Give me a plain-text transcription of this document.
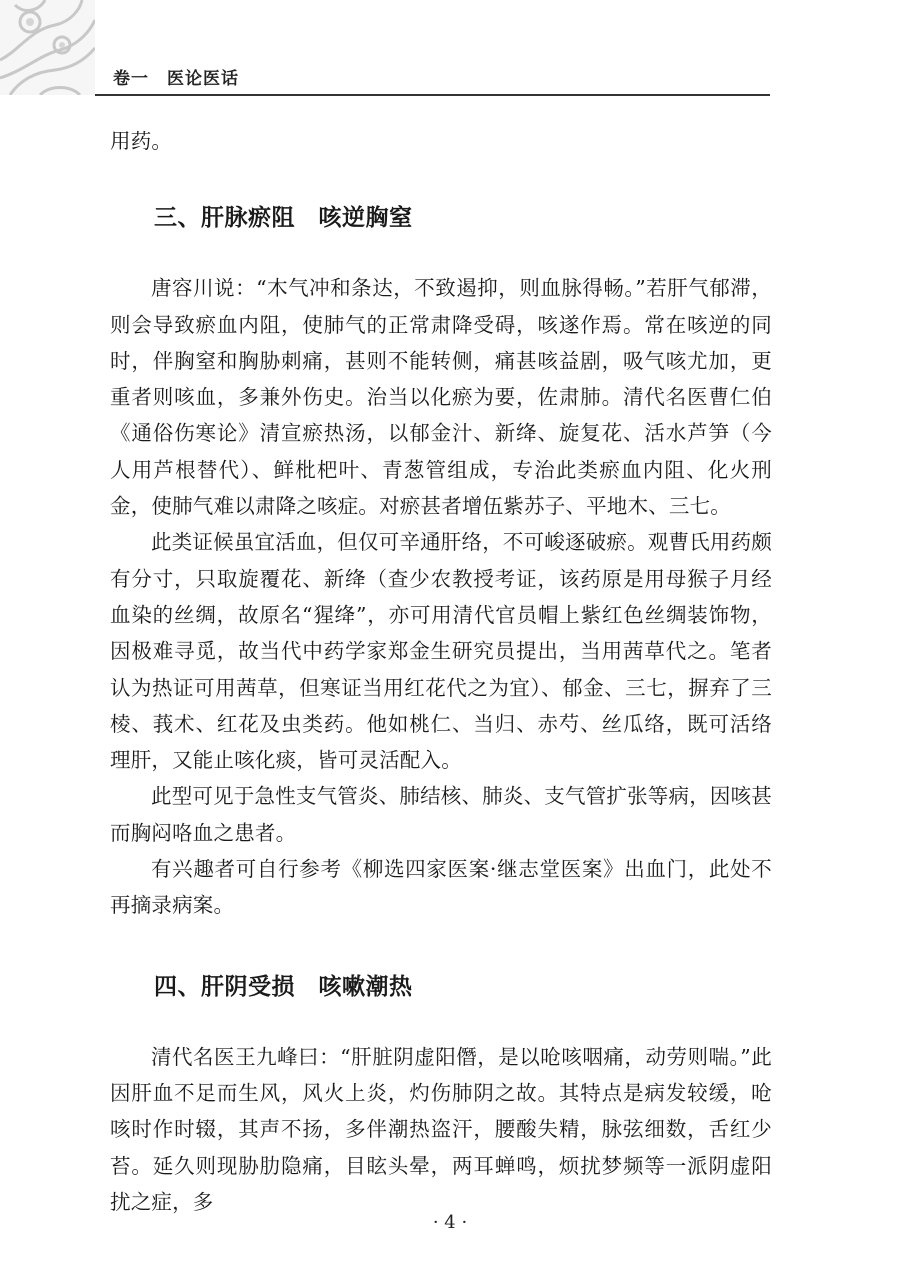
卷一　医论医话

用药。

三、肝脉瘀阻　咳逆胸窒

唐容川说：“木气冲和条达，不致遏抑，则血脉得畅。”若肝气郁滞，则会导致瘀血内阻，使肺气的正常肃降受碍，咳遂作焉。常在咳逆的同时，伴胸窒和胸胁刺痛，甚则不能转侧，痛甚咳益剧，吸气咳尤加，更重者则咳血，多兼外伤史。治当以化瘀为要，佐肃肺。清代名医曹仁伯《通俗伤寒论》清宣瘀热汤，以郁金汁、新绛、旋复花、活水芦笋（今人用芦根替代）、鲜枇杷叶、青葱管组成，专治此类瘀血内阻、化火刑金，使肺气难以肃降之咳症。对瘀甚者增伍紫苏子、平地木、三七。

此类证候虽宜活血，但仅可辛通肝络，不可峻逐破瘀。观曹氏用药颇有分寸，只取旋覆花、新绛（查少农教授考证，该药原是用母猴子月经血染的丝绸，故原名“猩绛”，亦可用清代官员帽上紫红色丝绸装饰物，因极难寻觅，故当代中药学家郑金生研究员提出，当用茜草代之。笔者认为热证可用茜草，但寒证当用红花代之为宜）、郁金、三七，摒弃了三棱、莪术、红花及虫类药。他如桃仁、当归、赤芍、丝瓜络，既可活络理肝，又能止咳化痰，皆可灵活配入。

此型可见于急性支气管炎、肺结核、肺炎、支气管扩张等病，因咳甚而胸闷咯血之患者。

有兴趣者可自行参考《柳选四家医案·继志堂医案》出血门，此处不再摘录病案。

四、肝阴受损　咳嗽潮热

清代名医王九峰曰：“肝脏阴虚阳僭，是以呛咳咽痛，动劳则喘。”此因肝血不足而生风，风火上炎，灼伤肺阴之故。其特点是病发较缓，呛咳时作时辍，其声不扬，多伴潮热盗汗，腰酸失精，脉弦细数，舌红少苔。延久则现胁肋隐痛，目眩头晕，两耳蝉鸣，烦扰梦频等一派阴虚阳扰之症，多

· 4 ·
